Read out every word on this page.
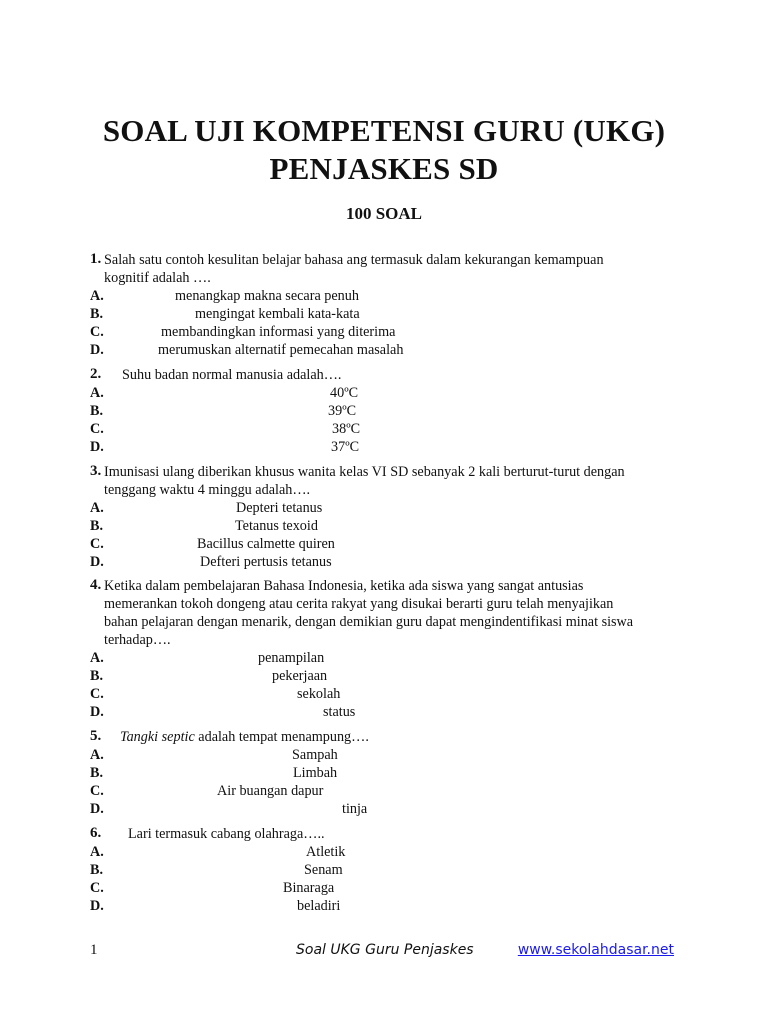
SOAL UJI KOMPETENSI GURU (UKG)
PENJASKES SD
100 SOAL
1. Salah satu contoh kesulitan belajar bahasa ang termasuk dalam kekurangan kemampuan
kognitif adalah ….
A.	menangkap makna secara penuh
B.	mengingat kembali kata-kata
C.	membandingkan informasi yang diterima
D.	merumuskan alternatif pemecahan masalah
2. Suhu badan normal manusia adalah….
A.	40ºC
B.	39ºC
C.	38ºC
D.	37ºC
3. Imunisasi ulang diberikan khusus wanita kelas VI SD sebanyak 2 kali berturut-turut dengan
tenggang waktu 4 minggu adalah….
A.	Depteri tetanus
B.	Tetanus texoid
C.	Bacillus calmette quiren
D.	Defteri pertusis tetanus
4. Ketika dalam pembelajaran Bahasa Indonesia, ketika ada siswa yang sangat antusias
memerankan tokoh dongeng atau cerita rakyat yang disukai berarti guru telah menyajikan
bahan pelajaran dengan menarik, dengan demikian guru dapat mengindentifikasi minat siswa
terhadap….
A.	penampilan
B.	pekerjaan
C.	sekolah
D.	status
5. Tangki septic adalah tempat menampung….
A.	Sampah
B.	Limbah
C.	Air buangan dapur
D.	tinja
6. Lari termasuk cabang olahraga…..
A.	Atletik
B.	Senam
C.	Binaraga
D.	beladiri
1	Soal UKG Guru Penjaskes	www.sekolahdasar.net
